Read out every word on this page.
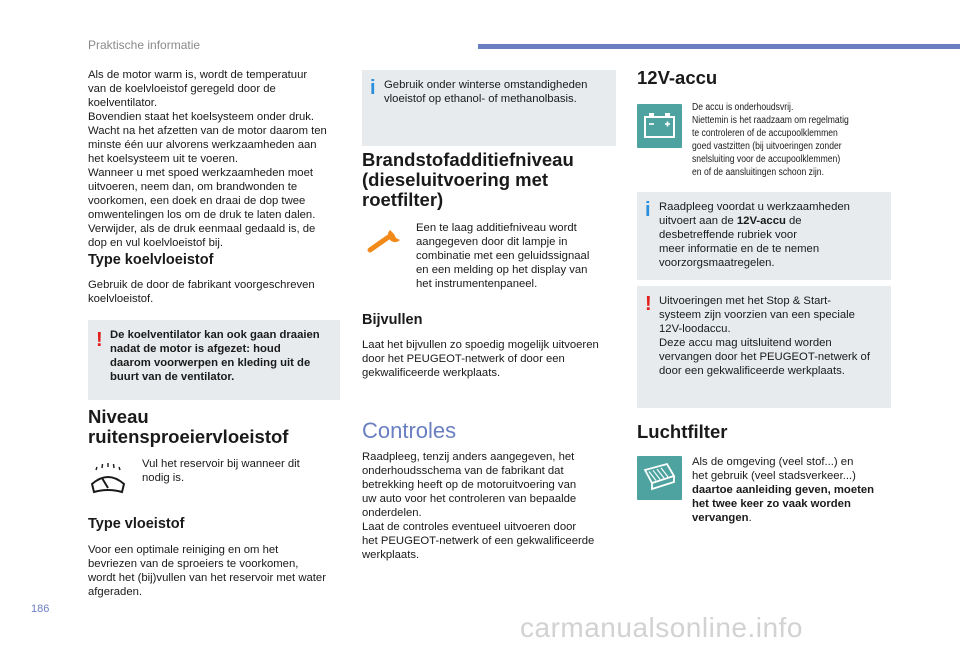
Praktische informatie
Als de motor warm is, wordt de temperatuur
van de koelvloeistof geregeld door de
koelventilator.
Bovendien staat het koelsysteem onder druk.
Wacht na het afzetten van de motor daarom ten
minste één uur alvorens werkzaamheden aan
het koelsysteem uit te voeren.
Wanneer u met spoed werkzaamheden moet
uitvoeren, neem dan, om brandwonden te
voorkomen, een doek en draai de dop twee
omwentelingen los om de druk te laten dalen.
Verwijder, als de druk eenmaal gedaald is, de
dop en vul koelvloeistof bij.
Type koelvloeistof
Gebruik de door de fabrikant voorgeschreven
koelvloeistof.
! De koelventilator kan ook gaan draaien
nadat de motor is afgezet: houd
daarom voorwerpen en kleding uit de
buurt van de ventilator.
Niveau
ruitensproeiervloeistof
Vul het reservoir bij wanneer dit
nodig is.
Type vloeistof
Voor een optimale reiniging en om het
bevriezen van de sproeiers te voorkomen,
wordt het (bij)vullen van het reservoir met water
afgeraden.
i Gebruik onder winterse omstandigheden
vloeistof op ethanol- of methanolbasis.
Brandstofadditiefniveau
(dieseluitvoering met
roetfilter)
Een te laag additiefniveau wordt
aangegeven door dit lampje in
combinatie met een geluidssignaal
en een melding op het display van
het instrumentenpaneel.
Bijvullen
Laat het bijvullen zo spoedig mogelijk uitvoeren
door het PEUGEOT-netwerk of door een
gekwalificeerde werkplaats.
Controles
Raadpleeg, tenzij anders aangegeven, het
onderhoudsschema van de fabrikant dat
betrekking heeft op de motoruitvoering van
uw auto voor het controleren van bepaalde
onderdelen.
Laat de controles eventueel uitvoeren door
het PEUGEOT-netwerk of een gekwalificeerde
werkplaats.
12V-accu
De accu is onderhoudsvrij.
Niettemin is het raadzaam om regelmatig
te controleren of de accupoolklemmen
goed vastzitten (bij uitvoeringen zonder
snelsluiting voor de accupoolklemmen)
en of de aansluitingen schoon zijn.
i Raadpleeg voordat u werkzaamheden
uitvoert aan de 12V-accu de
desbetreffende rubriek voor
meer informatie en de te nemen
voorzorgsmaatregelen.
! Uitvoeringen met het Stop & Start-
systeem zijn voorzien van een speciale
12V-loodaccu.
Deze accu mag uitsluitend worden
vervangen door het PEUGEOT-netwerk of
door een gekwalificeerde werkplaats.
Luchtfilter
Als de omgeving (veel stof...) en
het gebruik (veel stadsverkeer...)
daartoe aanleiding geven, moeten
het twee keer zo vaak worden
vervangen.
186
carmanualsonline.info
